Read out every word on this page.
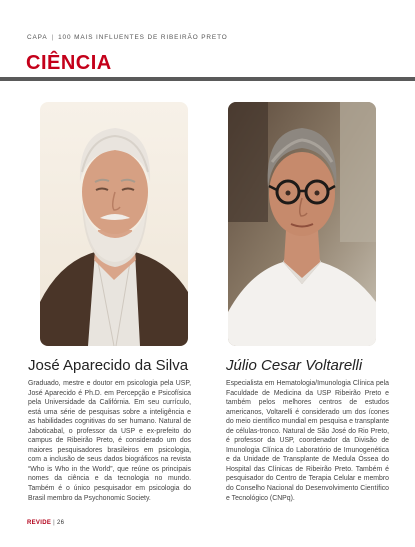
CAPA | 100 MAIS INFLUENTES DE RIBEIRÃO PRETO
CIÊNCIA
José Aparecido da Silva	Júlio Cesar Voltarelli

Graduado, mestre e doutor em psicologia pela USP, José Aparecido é Ph.D. em Percepção e Psicofísica pela Universidade da Califórnia. Em seu currículo, está uma série de pesquisas sobre a inteligência e as habilidades cognitivas do ser humano. Natural de Jaboticabal, o professor da USP e ex-prefeito do campus de Ribeirão Preto, é considerado um dos maiores pesquisadores brasileiros em psicologia, com a inclusão de seus dados biográficos na revista “Who is Who in the World”, que reúne os principais nomes da ciência e da tecnologia no mundo. Também é o único pesquisador em psicologia do Brasil membro da Psychonomic Society.

Especialista em Hematologia/Imunologia Clínica pela Faculdade de Medicina da USP Ribeirão Preto e também pelos melhores centros de estudos americanos, Voltarelli é considerado um dos ícones do meio científico mundial em pesquisa e transplante de células-tronco. Natural de São José do Rio Preto, é professor da USP, coordenador da Divisão de Imunologia Clínica do Laboratório de Imunogenética e da Unidade de Transplante de Medula Óssea do Hospital das Clínicas de Ribeirão Preto. Também é pesquisador do Centro de Terapia Celular e membro do Conselho Nacional do Desenvolvimento Científico e Tecnológico (CNPq).

REVIDE | 26
